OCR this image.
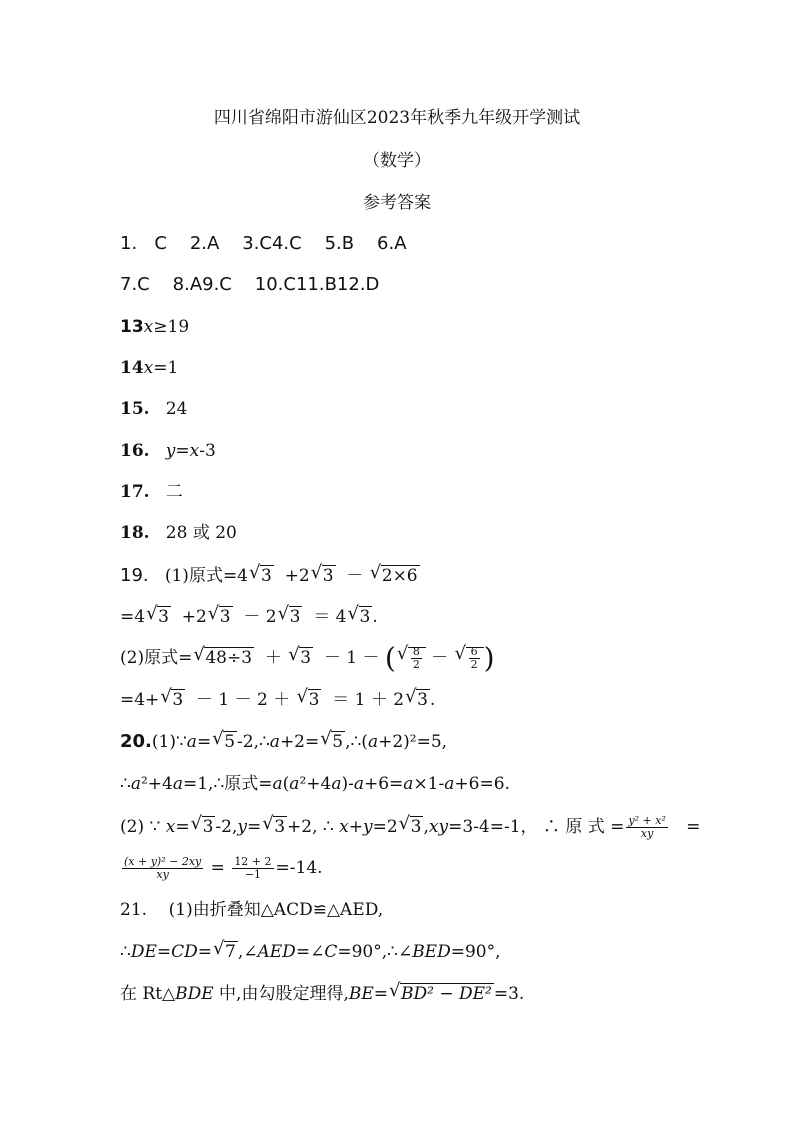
四川省绵阳市游仙区2023年秋季九年级开学测试
（数学）
参考答案
1. C 2.A 3.C4.C 5.B 6.A
7.C 8.A9.C 10.C11.B12.D
13x≥19
14x=1
15. 24
16. y=x-3
17. 二
18. 28 或 20
19. (1)原式=4 √ 3 +2 √ 3 － √ 2×6
=4 √ 3 +2 √ 3 － 2 √ 3 ＝ 4 √ 3 .
(2)原式= √ 48÷3 ＋ √ 3 － 1 － ( √ $\frac{8}{2}$ － √ $\frac{6}{2}$ )
=4+ √ 3 － 1 － 2 ＋ √ 3 ＝ 1 ＋ 2 √ 3 .
20.(1)∵a= √ 5 -2,∴a+2= √ 5 ,∴(a+2)²=5,
∴a²+4a=1,∴原式=a(a²+4a)-a+6=a×1-a+6=6.
(2) ∵ x= √ 3 -2,y= √ 3 +2, ∴ x+y=2 √ 3 ,xy=3-4=-1， ∴ 原 式 = $\frac{\text{y² + x²}}{xy}$ =
$\frac{\text{(x + y)² − 2xy}}{xy} = \frac{12 + 2}{-1} =-14$.
21.    (1)由折叠知△ACD≌△AED,
∴DE=CD= √ 7 ,∠AED=∠C=90°,∴∠BED=90°,
在 Rt△BDE 中,由勾股定理得,BE= √ BD² − DE² =3.
